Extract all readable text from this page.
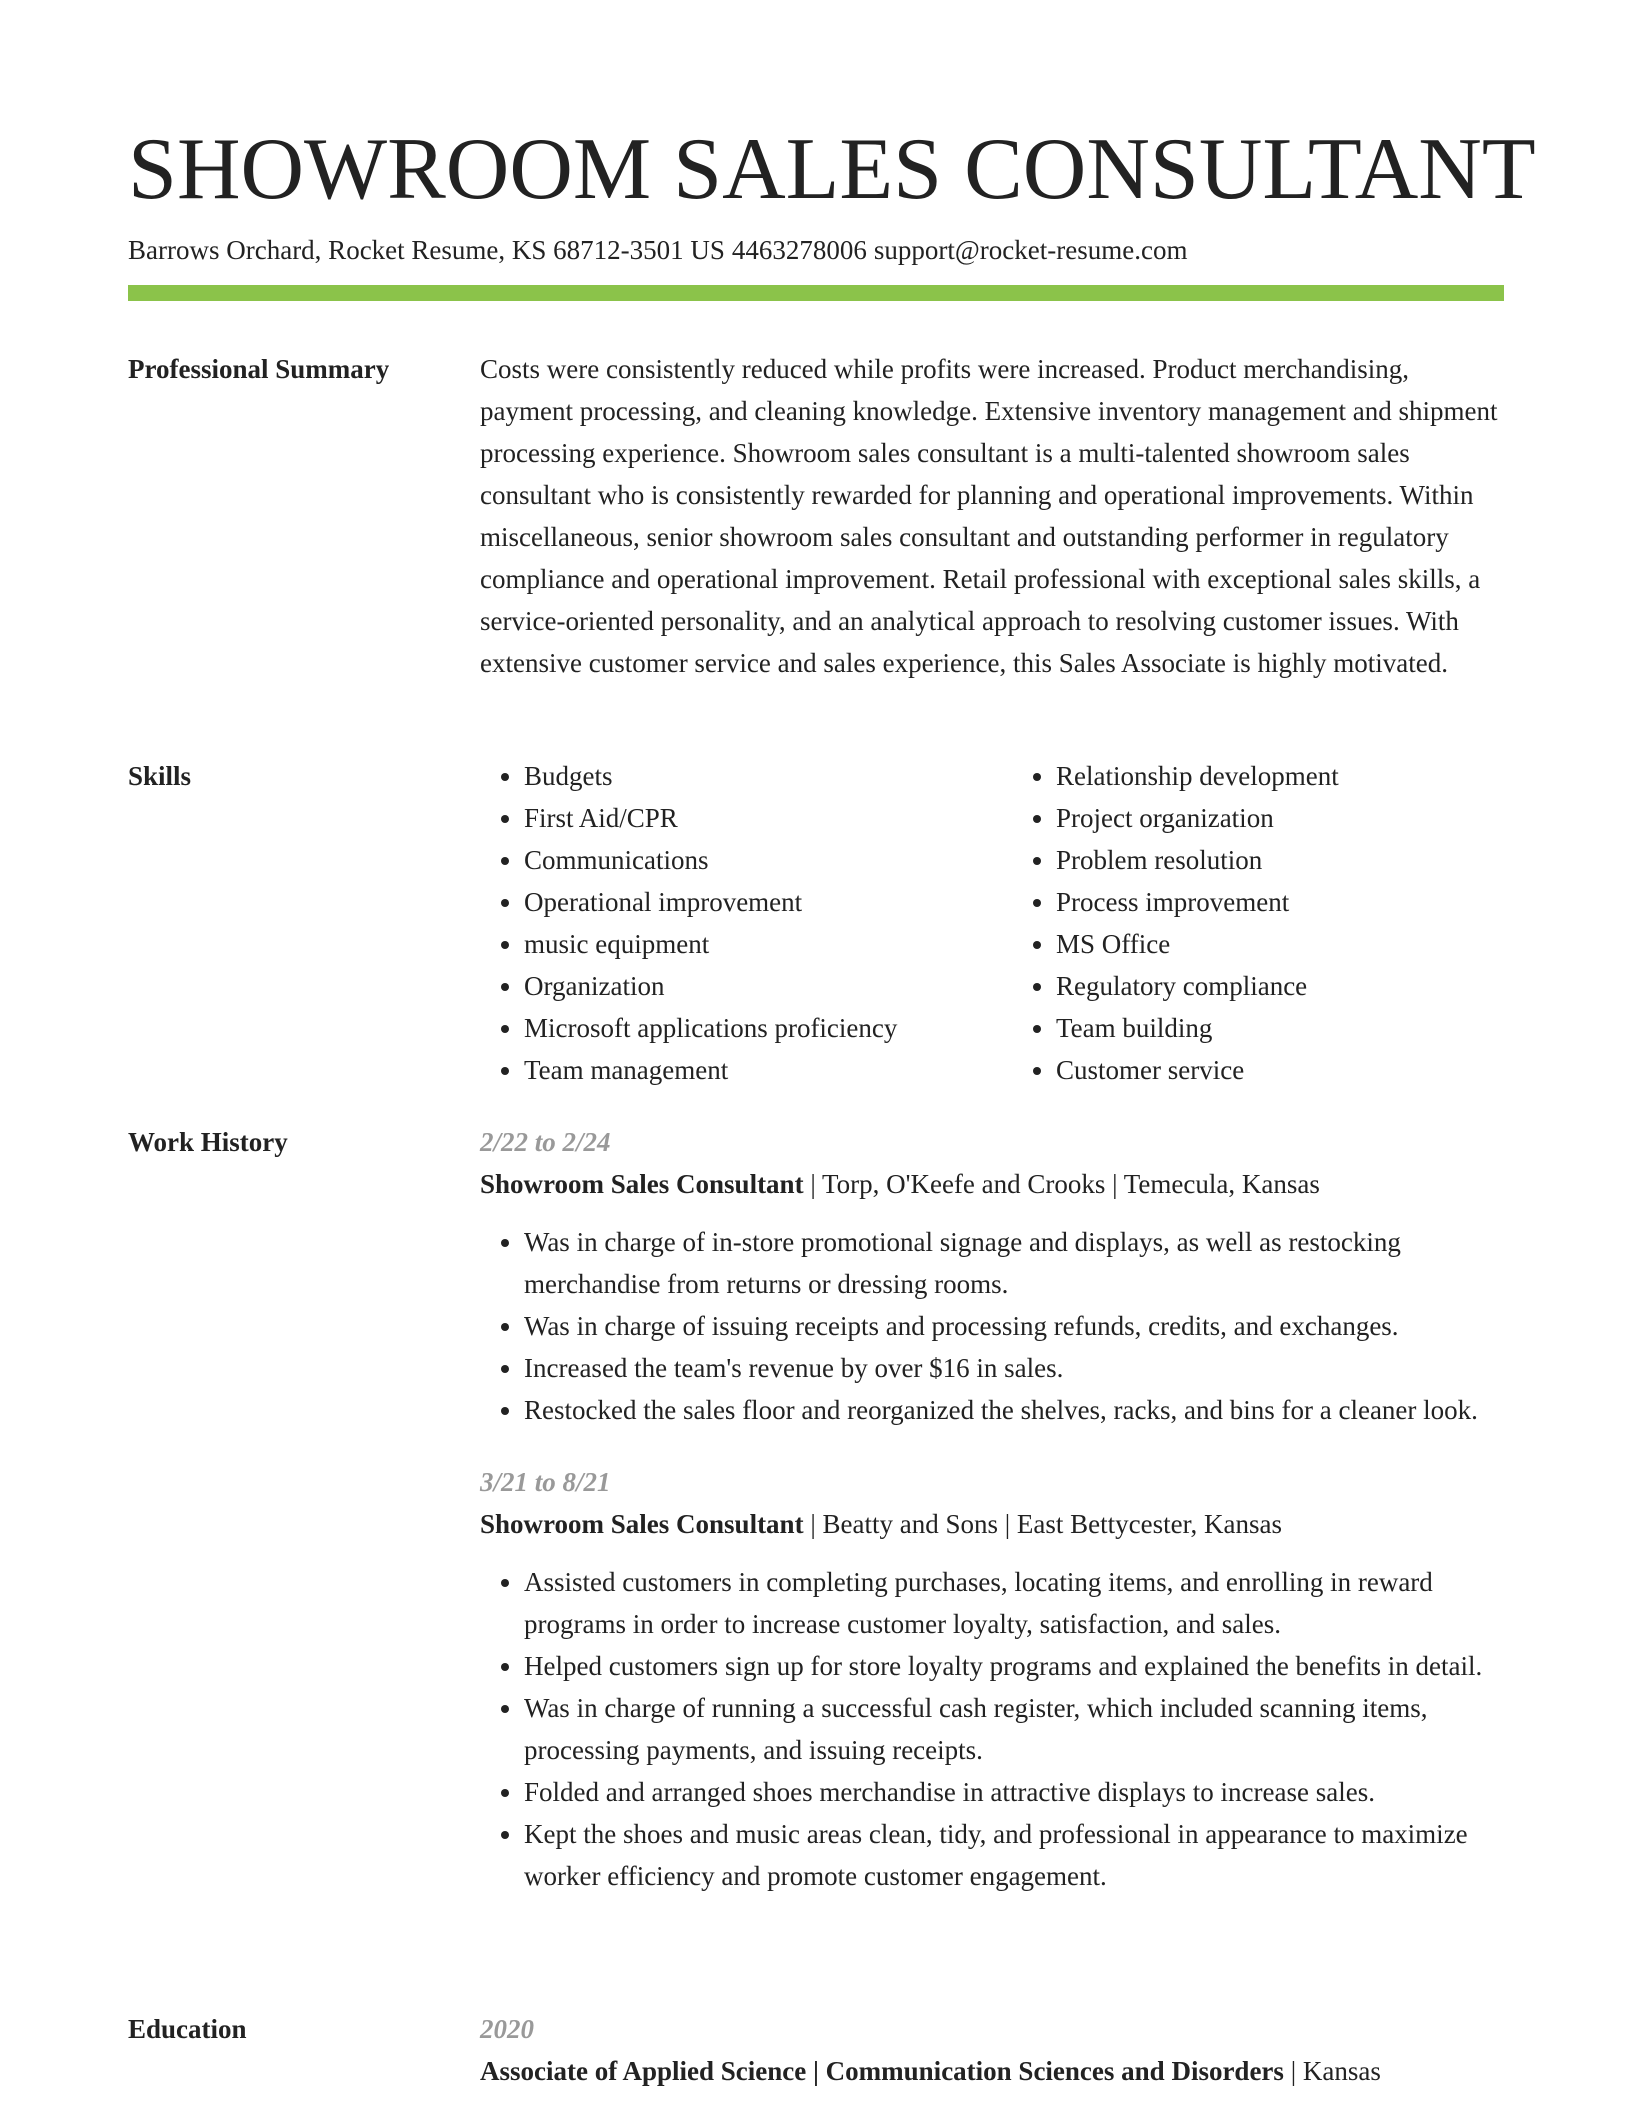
SHOWROOM SALES CONSULTANT
Barrows Orchard, Rocket Resume, KS 68712-3501 US 4463278006 support@rocket-resume.com
Professional Summary	Costs were consistently reduced while profits were increased. Product merchandising, payment processing, and cleaning knowledge. Extensive inventory management and shipment processing experience. Showroom sales consultant is a multi-talented showroom sales consultant who is consistently rewarded for planning and operational improvements. Within miscellaneous, senior showroom sales consultant and outstanding performer in regulatory compliance and operational improvement. Retail professional with exceptional sales skills, a service-oriented personality, and an analytical approach to resolving customer issues. With extensive customer service and sales experience, this Sales Associate is highly motivated.

Skills
•	Budgets
• First Aid/CPR
• Communications
• Operational improvement
• music equipment
• Organization
• Microsoft applications proficiency
• Team management
• Relationship development
• Project organization
• Problem resolution
• Process improvement
• MS Office
• Regulatory compliance
• Team building
• Customer service
Work History	2/22 to 2/24
Showroom Sales Consultant | Torp, O'Keefe and Crooks | Temecula, Kansas
• Was in charge of in-store promotional signage and displays, as well as restocking merchandise from returns or dressing rooms.
• Was in charge of issuing receipts and processing refunds, credits, and exchanges.
• Increased the team's revenue by over $16 in sales.
• Restocked the sales floor and reorganized the shelves, racks, and bins for a cleaner look.
3/21 to 8/21
Showroom Sales Consultant | Beatty and Sons | East Bettycester, Kansas
• Assisted customers in completing purchases, locating items, and enrolling in reward programs in order to increase customer loyalty, satisfaction, and sales.
• Helped customers sign up for store loyalty programs and explained the benefits in detail.
• Was in charge of running a successful cash register, which included scanning items, processing payments, and issuing receipts.
• Folded and arranged shoes merchandise in attractive displays to increase sales.
• Kept the shoes and music areas clean, tidy, and professional in appearance to maximize worker efficiency and promote customer engagement.
Education	2020
Associate of Applied Science | Communication Sciences and Disorders | Kansas
